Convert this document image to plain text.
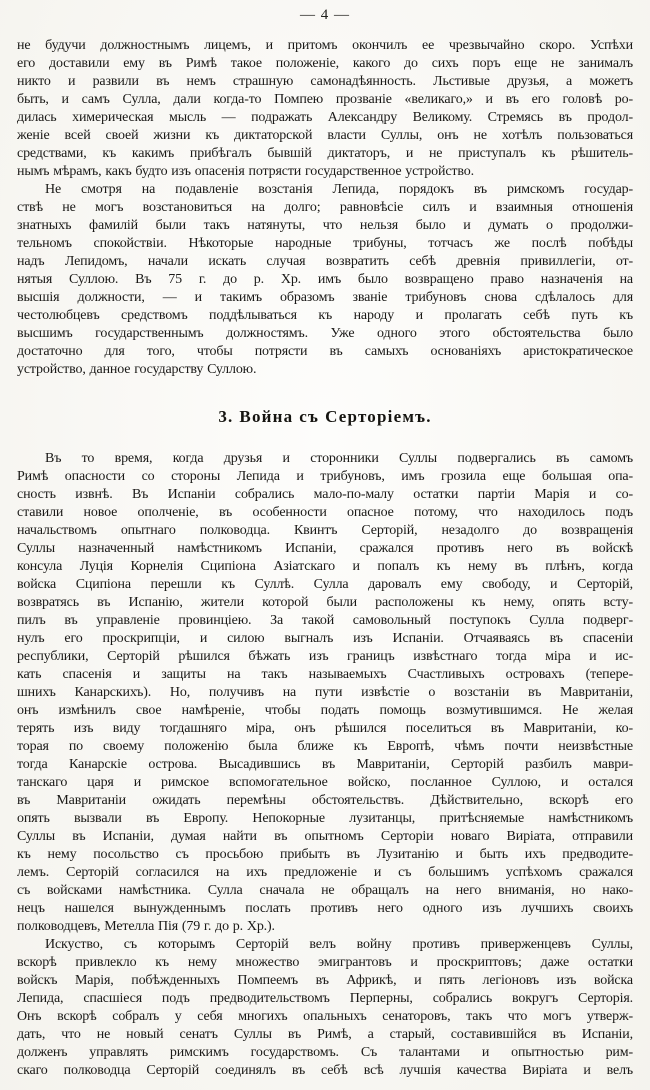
— 4 —
не будучи должностнымъ лицемъ, и притомъ окончилъ ее чрезвычайно скоро. Успѣхи
его доставили ему въ Римѣ такое положеніе, какого до сихъ поръ еще не занималъ
никто и развили въ немъ страшную самонадѣянность. Льстивые друзья, а можетъ
быть, и самъ Сулла, дали когда-то Помпею прозваніе «великаго,» и въ его головѣ ро-
дилась химерическая мысль — подражать Александру Великому. Стремясь въ продол-
женіе всей своей жизни къ диктаторской власти Суллы, онъ не хотѣлъ пользоваться
средствами, къ какимъ прибѣгалъ бывшій диктаторъ, и не приступалъ къ рѣшитель-
нымъ мѣрамъ, какъ будто изъ опасенія потрясти государственное устройство.
Не смотря на подавленіе возстанія Лепида, порядокъ въ римскомъ государ-
ствѣ не могъ возстановиться на долго; равновѣсіе силъ и взаимныя отношенія
знатныхъ фамилій были такъ натянуты, что нельзя было и думать о продолжи-
тельномъ спокойствіи. Нѣкоторые народные трибуны, тотчасъ же послѣ побѣды
надъ Лепидомъ, начали искать случая возвратить себѣ древнія привиллегіи, от-
нятыя Суллою. Въ 75 г. до р. Хр. имъ было возвращено право назначенія на
высшія должности, — и такимъ образомъ званіе трибуновъ снова сдѣлалось для
честолюбцевъ средствомъ поддѣлываться къ народу и пролагать себѣ путь къ
высшимъ государственнымъ должностямъ. Уже одного этого обстоятельства было
достаточно для того, чтобы потрясти въ самыхъ основаніяхъ аристократическое
устройство, данное государству Суллою.
3. Война съ Серторіемъ.
Въ то время, когда друзья и сторонники Суллы подвергались въ самомъ
Римѣ опасности со стороны Лепида и трибуновъ, имъ грозила еще большая опа-
сность извнѣ. Въ Испаніи собрались мало-по-малу остатки партіи Марія и со-
ставили новое ополченіе, въ особенности опасное потому, что находилось подъ
начальствомъ опытнаго полководца. Квинтъ Серторій, незадолго до возвращенія
Суллы назначенный намѣстникомъ Испаніи, сражался противъ него въ войскѣ
консула Луція Корнелія Сципіона Азіатскаго и попалъ къ нему въ плѣнъ, когда
войска Сципіона перешли къ Суллѣ. Сулла даровалъ ему свободу, и Серторій,
возвратясь въ Испанію, жители которой были расположены къ нему, опять всту-
пилъ въ управленіе провинціею. За такой самовольный поступокъ Сулла подверг-
нулъ его проскрипціи, и силою выгналъ изъ Испаніи. Отчаяваясь въ спасеніи
республики, Серторій рѣшился бѣжать изъ границъ извѣстнаго тогда міра и ис-
кать спасенія и защиты на такъ называемыхъ Счастливыхъ островахъ (тепере-
шнихъ Канарскихъ). Но, получивъ на пути извѣстіе о возстаніи въ Мавританіи,
онъ измѣнилъ свое намѣреніе, чтобы подать помощь возмутившимся. Не желая
терять изъ виду тогдашняго міра, онъ рѣшился поселиться въ Мавританіи, ко-
торая по своему положенію была ближе къ Европѣ, чѣмъ почти неизвѣстные
тогда Канарскіе острова. Высадившись въ Мавританіи, Серторій разбилъ маври-
танскаго царя и римское вспомогательное войско, посланное Суллою, и остался
въ Мавританіи ожидать перемѣны обстоятельствъ. Дѣйствительно, вскорѣ его
опять вызвали въ Европу. Непокорные лузитанцы, притѣсняемые намѣстникомъ
Суллы въ Испаніи, думая найти въ опытномъ Серторіи новаго Виріата, отправили
къ нему посольство съ просьбою прибыть въ Лузитанію и быть ихъ предводите-
лемъ. Серторій согласился на ихъ предложеніе и съ большимъ успѣхомъ сражался
съ войсками намѣстника. Сулла сначала не обращалъ на него вниманія, но нако-
нецъ нашелся вынужденнымъ послать противъ него одного изъ лучшихъ своихъ
полководцевъ, Метелла Пія (79 г. до р. Хр.).
Искуство, съ которымъ Серторій велъ войну противъ приверженцевъ Суллы,
вскорѣ привлекло къ нему множество эмигрантовъ и проскриптовъ; даже остатки
войскъ Марія, побѣжденныхъ Помпеемъ въ Африкѣ, и пять легіоновъ изъ войска
Лепида, спасшіеся подъ предводительствомъ Перперны, собрались вокругъ Серторія.
Онъ вскорѣ собралъ у себя многихъ опальныхъ сенаторовъ, такъ что могъ утверж-
дать, что не новый сенатъ Суллы въ Римѣ, а старый, составившійся въ Испаніи,
долженъ управлять римскимъ государствомъ. Съ талантами и опытностью рим-
скаго полководца Серторій соединялъ въ себѣ всѣ лучшія качества Виріата и велъ
